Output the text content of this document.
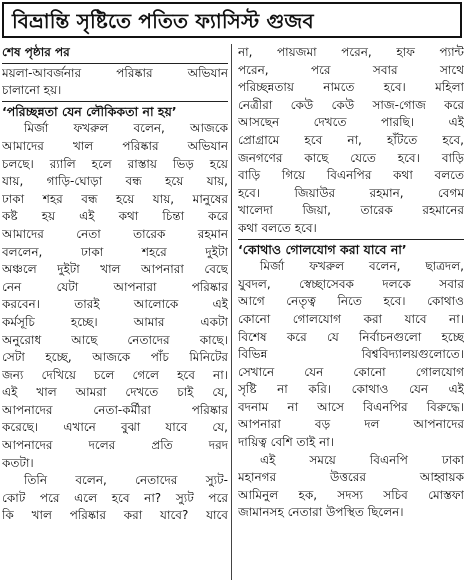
বিভ্রান্তি সৃষ্টিতে পতিত ফ্যাসিস্ট গুজব
শেষ পৃষ্ঠার পর
ময়লা-আবর্জনার পরিষ্কার অভিযান
চালানো হয়।
‘পরিচ্ছন্নতা যেন লৌকিকতা না হয়’
মির্জা ফখরুল বলেন, আজকে
আমাদের খাল পরিষ্কার অভিযান
চলছে। র‍্যালি হলে রাস্তায় ভিড় হয়ে
যায়, গাড়ি-ঘোড়া বন্ধ হয়ে যায়,
ঢাকা শহর বন্ধ হয়ে যায়, মানুষের
কষ্ট হয় এই কথা চিন্তা করে
আমাদের নেতা তারেক রহমান
বললেন, ঢাকা শহরে দুইটা
অঞ্চলে দুইটা খাল আপনারা বেছে
নেন যেটা আপনারা পরিষ্কার
করবেন। তারই আলোকে এই
কর্মসূচি হচ্ছে। আমার একটা
অনুরোধ আছে নেতাদের কাছে।
সেটা হচ্ছে, আজকে পাঁচ মিনিটের
জন্য দেখিয়ে চলে গেলে হবে না।
এই খাল আমরা দেখতে চাই যে,
আপনাদের নেতা-কর্মীরা পরিষ্কার
করেছে। এখানে বুঝা যাবে যে,
আপনাদের দলের প্রতি দরদ
কতটা।
তিনি বলেন, নেতাদের স্যুট-
কোট পরে এলে হবে না? স্যুট পরে
কি খাল পরিষ্কার করা যাবে? যাবে
না, পায়জমা পরেন, হাফ প্যান্ট
পরেন, পরে সবার সাথে
পরিচ্ছন্নতায় নামতে হবে। মহিলা
নেত্রীরা কেউ কেউ সাজ-গোজ করে
আসছেন দেখতে পারছি। এই
প্রোগ্রামে হবে না, হাঁটতে হবে,
জনগণের কাছে যেতে হবে। বাড়ি
বাড়ি গিয়ে বিএনপির কথা বলতে
হবে। জিয়াউর রহমান, বেগম
খালেদা জিয়া, তারেক রহমানের
কথা বলতে হবে।
‘কোথাও গোলযোগ করা যাবে না’
মির্জা ফখরুল বলেন, ছাত্রদল,
যুবদল, স্বেচ্ছাসেবক দলকে সবার
আগে নেতৃত্ব নিতে হবে। কোথাও
কোনো গোলযোগ করা যাবে না।
বিশেষ করে যে নির্বাচনগুলো হচ্ছে
বিভিন্ন বিশ্ববিদ্যালয়গুলোতে।
সেখানে যেন কোনো গোলযোগ
সৃষ্টি না করি। কোথাও যেন এই
বদনাম না আসে বিএনপির বিরুদ্ধে।
আপনারা বড় দল আপনাদের
দায়িত্ব বেশি তাই না।
এই সময়ে বিএনপি ঢাকা
মহানগর উত্তরের আহ্বায়ক
আমিনুল হক, সদস্য সচিব মোস্তফা
জামানসহ নেতারা উপস্থিত ছিলেন।
